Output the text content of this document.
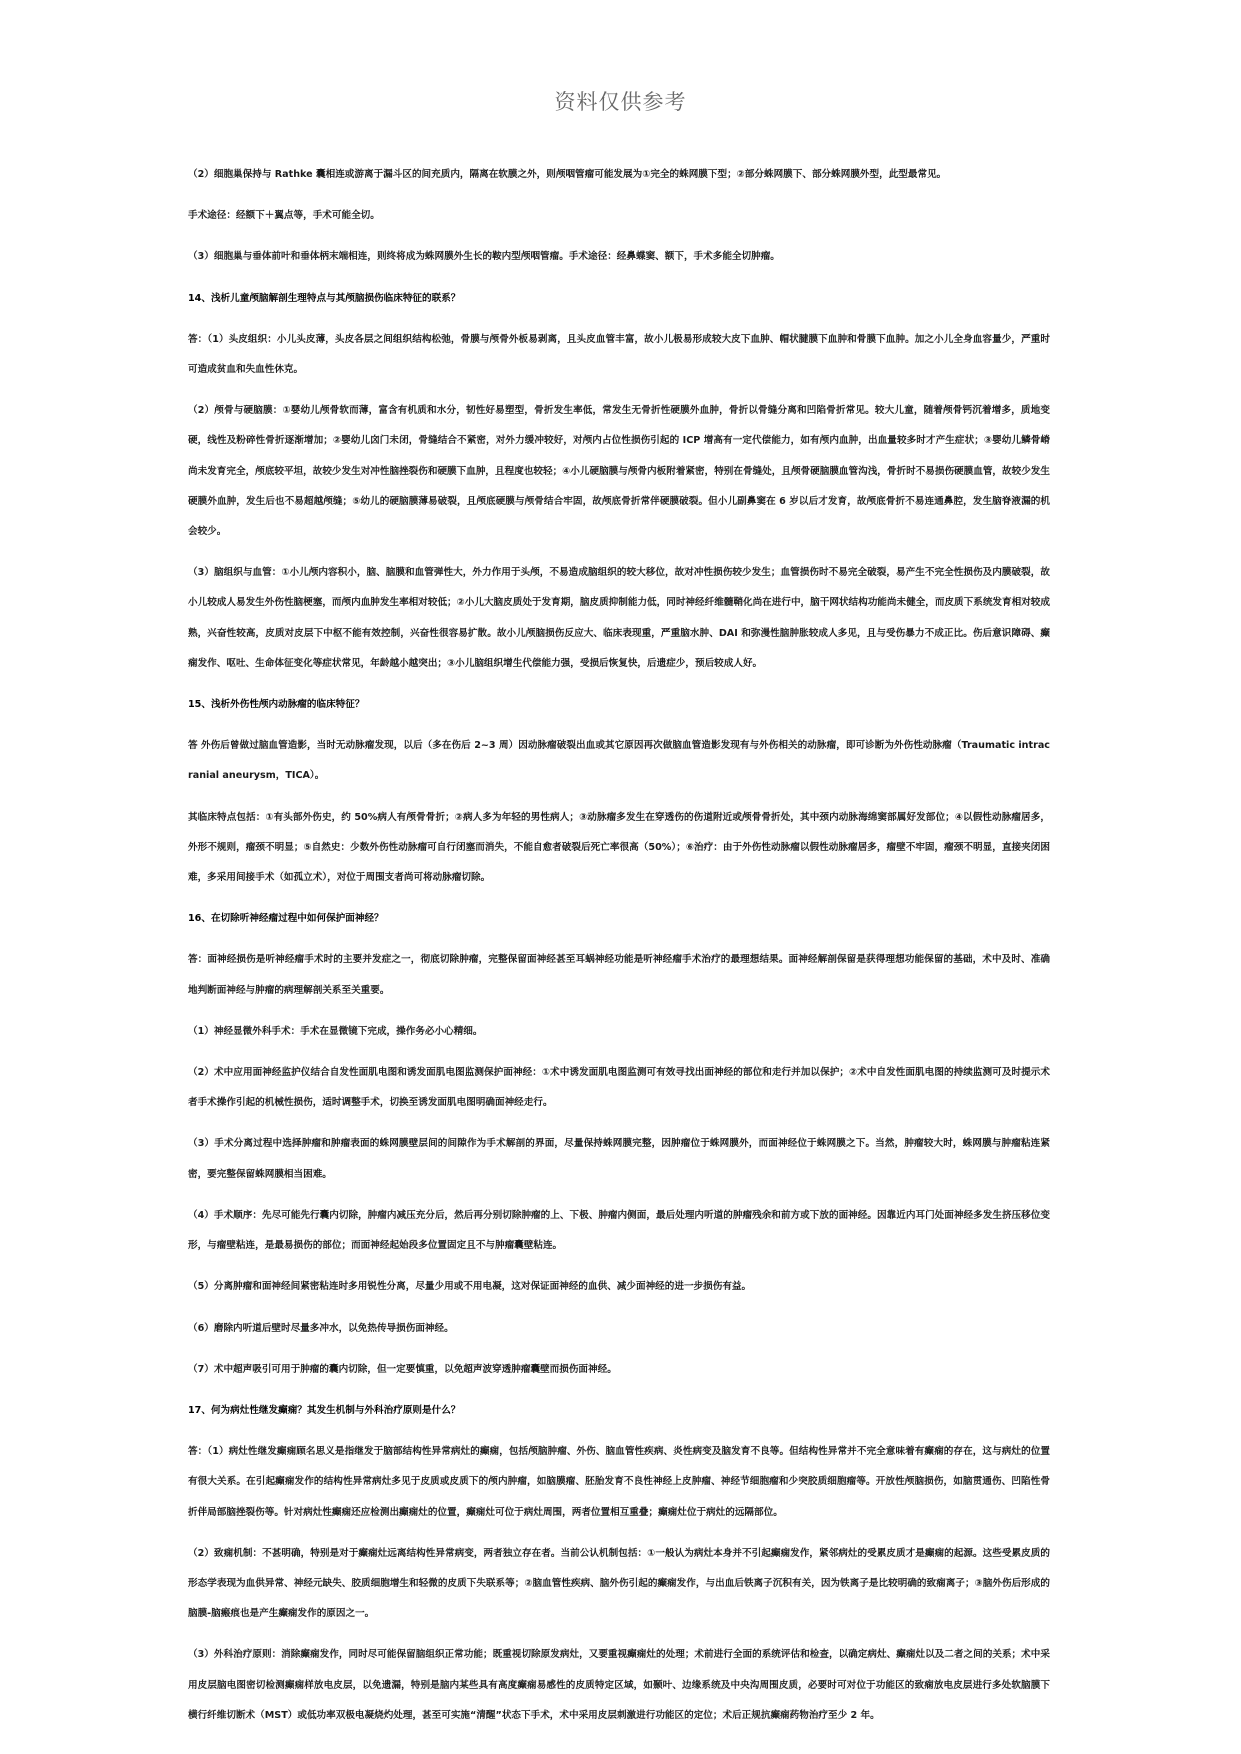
资料仅供参考

（2）细胞巢保持与 Rathke 囊相连或游离于漏斗区的间充质内，隔离在软膜之外，则颅咽管瘤可能发展为①完全的蛛网膜下型；②部分蛛网膜下、部分蛛网膜外型，此型最常见。

手术途径：经额下＋翼点等，手术可能全切。

（3）细胞巢与垂体前叶和垂体柄末端相连，则终将成为蛛网膜外生长的鞍内型颅咽管瘤。手术途径：经鼻蝶窦、额下，手术多能全切肿瘤。

14、浅析儿童颅脑解剖生理特点与其颅脑损伤临床特征的联系？

答：（1）头皮组织：小儿头皮薄，头皮各层之间组织结构松弛，骨膜与颅骨外板易剥离，且头皮血管丰富，故小儿极易形成较大皮下血肿、帽状腱膜下血肿和骨膜下血肿。加之小儿全身血容量少，严重时可造成贫血和失血性休克。

（2）颅骨与硬脑膜：①婴幼儿颅骨软而薄，富含有机质和水分，韧性好易塑型，骨折发生率低，常发生无骨折性硬膜外血肿，骨折以骨缝分离和凹陷骨折常见。较大儿童，随着颅骨钙沉着增多，质地变硬，线性及粉碎性骨折逐渐增加；②婴幼儿囟门未闭，骨缝结合不紧密，对外力缓冲较好，对颅内占位性损伤引起的 ICP 增高有一定代偿能力，如有颅内血肿，出血量较多时才产生症状；③婴幼儿鳞骨嵴尚未发育完全，颅底较平坦，故较少发生对冲性脑挫裂伤和硬膜下血肿，且程度也较轻；④小儿硬脑膜与颅骨内板附着紧密，特别在骨缝处，且颅骨硬脑膜血管沟浅，骨折时不易损伤硬膜血管，故较少发生硬膜外血肿，发生后也不易超越颅缝；⑤幼儿的硬脑膜薄易破裂，且颅底硬膜与颅骨结合牢固，故颅底骨折常伴硬膜破裂。但小儿副鼻窦在 6 岁以后才发育，故颅底骨折不易连通鼻腔，发生脑脊液漏的机会较少。

（3）脑组织与血管：①小儿颅内容积小，脑、脑膜和血管弹性大，外力作用于头颅，不易造成脑组织的较大移位，故对冲性损伤较少发生；血管损伤时不易完全破裂，易产生不完全性损伤及内膜破裂，故小儿较成人易发生外伤性脑梗塞，而颅内血肿发生率相对较低；②小儿大脑皮质处于发育期，脑皮质抑制能力低，同时神经纤维髓鞘化尚在进行中，脑干网状结构功能尚未健全，而皮质下系统发育相对较成熟，兴奋性较高，皮质对皮层下中枢不能有效控制，兴奋性很容易扩散。故小儿颅脑损伤反应大、临床表现重，严重脑水肿、DAI 和弥漫性脑肿胀较成人多见，且与受伤暴力不成正比。伤后意识障碍、癫痫发作、呕吐、生命体征变化等症状常见，年龄越小越突出；③小儿脑组织增生代偿能力强，受损后恢复快，后遗症少，预后较成人好。

15、浅析外伤性颅内动脉瘤的临床特征？

答 外伤后曾做过脑血管造影，当时无动脉瘤发现，以后（多在伤后 2~3 周）因动脉瘤破裂出血或其它原因再次做脑血管造影发现有与外伤相关的动脉瘤，即可诊断为外伤性动脉瘤（Traumatic intracranial aneurysm，TICA）。

其临床特点包括：①有头部外伤史，约 50%病人有颅骨骨折；②病人多为年轻的男性病人；③动脉瘤多发生在穿透伤的伤道附近或颅骨骨折处，其中颈内动脉海绵窦部属好发部位；④以假性动脉瘤居多，外形不规则，瘤颈不明显；⑤自然史：少数外伤性动脉瘤可自行闭塞而消失，不能自愈者破裂后死亡率很高（50%）；⑥治疗：由于外伤性动脉瘤以假性动脉瘤居多，瘤壁不牢固，瘤颈不明显，直接夹闭困难，多采用间接手术（如孤立术），对位于周围支者尚可将动脉瘤切除。

16、在切除听神经瘤过程中如何保护面神经？

答：面神经损伤是听神经瘤手术时的主要并发症之一，彻底切除肿瘤，完整保留面神经甚至耳蜗神经功能是听神经瘤手术治疗的最理想结果。面神经解剖保留是获得理想功能保留的基础，术中及时、准确地判断面神经与肿瘤的病理解剖关系至关重要。

（1）神经显微外科手术：手术在显微镜下完成，操作务必小心精细。

（2）术中应用面神经监护仪结合自发性面肌电图和诱发面肌电图监测保护面神经：①术中诱发面肌电图监测可有效寻找出面神经的部位和走行并加以保护；②术中自发性面肌电图的持续监测可及时提示术者手术操作引起的机械性损伤，适时调整手术，切换至诱发面肌电图明确面神经走行。

（3）手术分离过程中选择肿瘤和肿瘤表面的蛛网膜壁层间的间隙作为手术解剖的界面，尽量保持蛛网膜完整，因肿瘤位于蛛网膜外，而面神经位于蛛网膜之下。当然，肿瘤较大时，蛛网膜与肿瘤粘连紧密，要完整保留蛛网膜相当困难。

（4）手术顺序：先尽可能先行囊内切除，肿瘤内减压充分后，然后再分别切除肿瘤的上、下极、肿瘤内侧面，最后处理内听道的肿瘤残余和前方或下放的面神经。因靠近内耳门处面神经多发生挤压移位变形，与瘤壁粘连，是最易损伤的部位；而面神经起始段多位置固定且不与肿瘤囊壁粘连。

（5）分离肿瘤和面神经间紧密粘连时多用锐性分离，尽量少用或不用电凝，这对保证面神经的血供、减少面神经的进一步损伤有益。

（6）磨除内听道后壁时尽量多冲水，以免热传导损伤面神经。

（7）术中超声吸引可用于肿瘤的囊内切除，但一定要慎重，以免超声波穿透肿瘤囊壁而损伤面神经。

17、何为病灶性继发癫痫？其发生机制与外科治疗原则是什么？

答：（1）病灶性继发癫痫顾名思义是指继发于脑部结构性异常病灶的癫痫，包括颅脑肿瘤、外伤、脑血管性疾病、炎性病变及脑发育不良等。但结构性异常并不完全意味着有癫痫的存在，这与病灶的位置有很大关系。在引起癫痫发作的结构性异常病灶多见于皮质或皮质下的颅内肿瘤，如脑膜瘤、胚胎发育不良性神经上皮肿瘤、神经节细胞瘤和少突胶质细胞瘤等。开放性颅脑损伤，如脑贯通伤、凹陷性骨折伴局部脑挫裂伤等。针对病灶性癫痫还应检测出癫痫灶的位置，癫痫灶可位于病灶周围，两者位置相互重叠；癫痫灶位于病灶的远隔部位。

（2）致痫机制：不甚明确，特别是对于癫痫灶远离结构性异常病变，两者独立存在者。当前公认机制包括：①一般认为病灶本身并不引起癫痫发作，紧邻病灶的受累皮质才是癫痫的起源。这些受累皮质的形态学表现为血供异常、神经元缺失、胶质细胞增生和轻微的皮质下失联系等；②脑血管性疾病、脑外伤引起的癫痫发作，与出血后铁离子沉积有关，因为铁离子是比较明确的致痫离子；③脑外伤后形成的脑膜-脑瘢痕也是产生癫痫发作的原因之一。

（3）外科治疗原则：消除癫痫发作，同时尽可能保留脑组织正常功能；既重视切除原发病灶，又要重视癫痫灶的处理；术前进行全面的系统评估和检查，以确定病灶、癫痫灶以及二者之间的关系；术中采用皮层脑电图密切检测癫痫样放电皮层，以免遗漏，特别是脑内某些具有高度癫痫易感性的皮质特定区域，如颞叶、边缘系统及中央沟周围皮质，必要时可对位于功能区的致痫放电皮层进行多处软脑膜下横行纤维切断术（MST）或低功率双极电凝烧灼处理，甚至可实施“清醒”状态下手术，术中采用皮层刺激进行功能区的定位；术后正规抗癫痫药物治疗至少 2 年。
